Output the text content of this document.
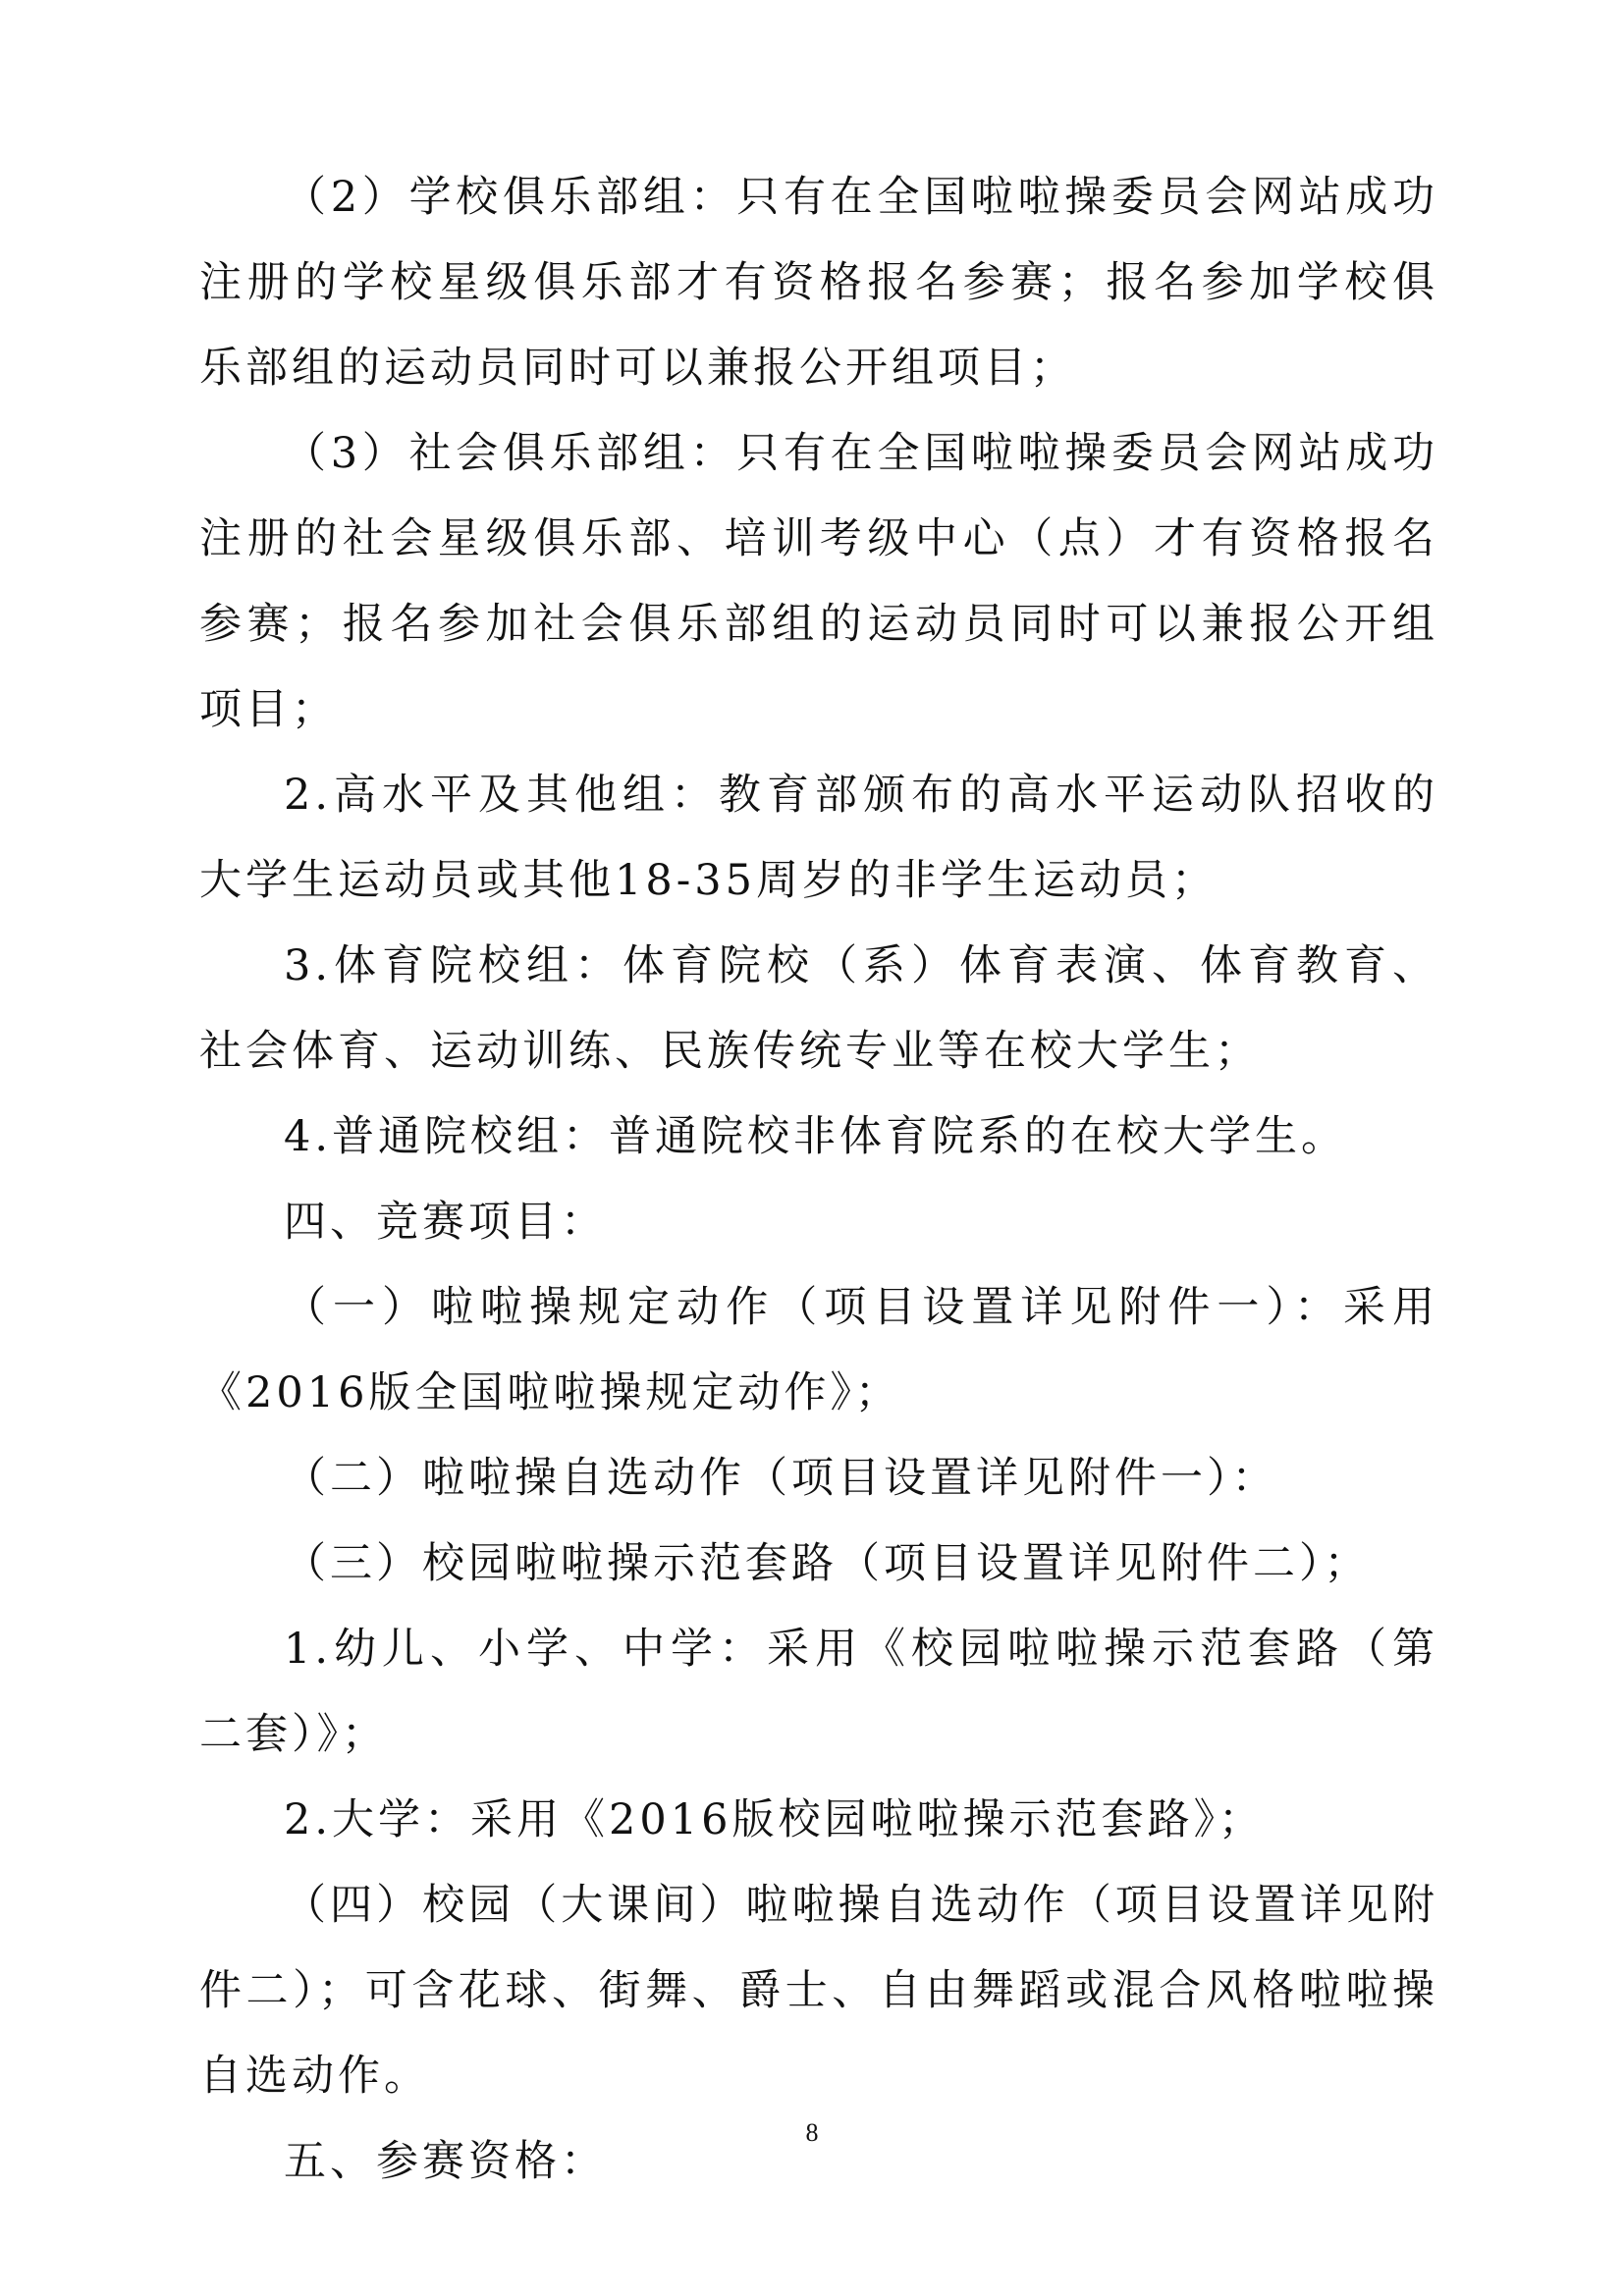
（2）学校俱乐部组：只有在全国啦啦操委员会网站成功注册的学校星级俱乐部才有资格报名参赛；报名参加学校俱乐部组的运动员同时可以兼报公开组项目；

（3）社会俱乐部组：只有在全国啦啦操委员会网站成功注册的社会星级俱乐部、培训考级中心（点）才有资格报名参赛；报名参加社会俱乐部组的运动员同时可以兼报公开组项目；

2.高水平及其他组：教育部颁布的高水平运动队招收的大学生运动员或其他18-35周岁的非学生运动员；

3.体育院校组：体育院校（系）体育表演、体育教育、社会体育、运动训练、民族传统专业等在校大学生；

4.普通院校组：普通院校非体育院系的在校大学生。

四、竞赛项目：

（一）啦啦操规定动作（项目设置详见附件一）：采用《2016版全国啦啦操规定动作》；

（二）啦啦操自选动作（项目设置详见附件一）：

（三）校园啦啦操示范套路（项目设置详见附件二）；

1.幼儿、小学、中学：采用《校园啦啦操示范套路（第二套）》；

2.大学：采用《2016版校园啦啦操示范套路》；

（四）校园（大课间）啦啦操自选动作（项目设置详见附件二）；可含花球、街舞、爵士、自由舞蹈或混合风格啦啦操自选动作。

五、参赛资格：

8
